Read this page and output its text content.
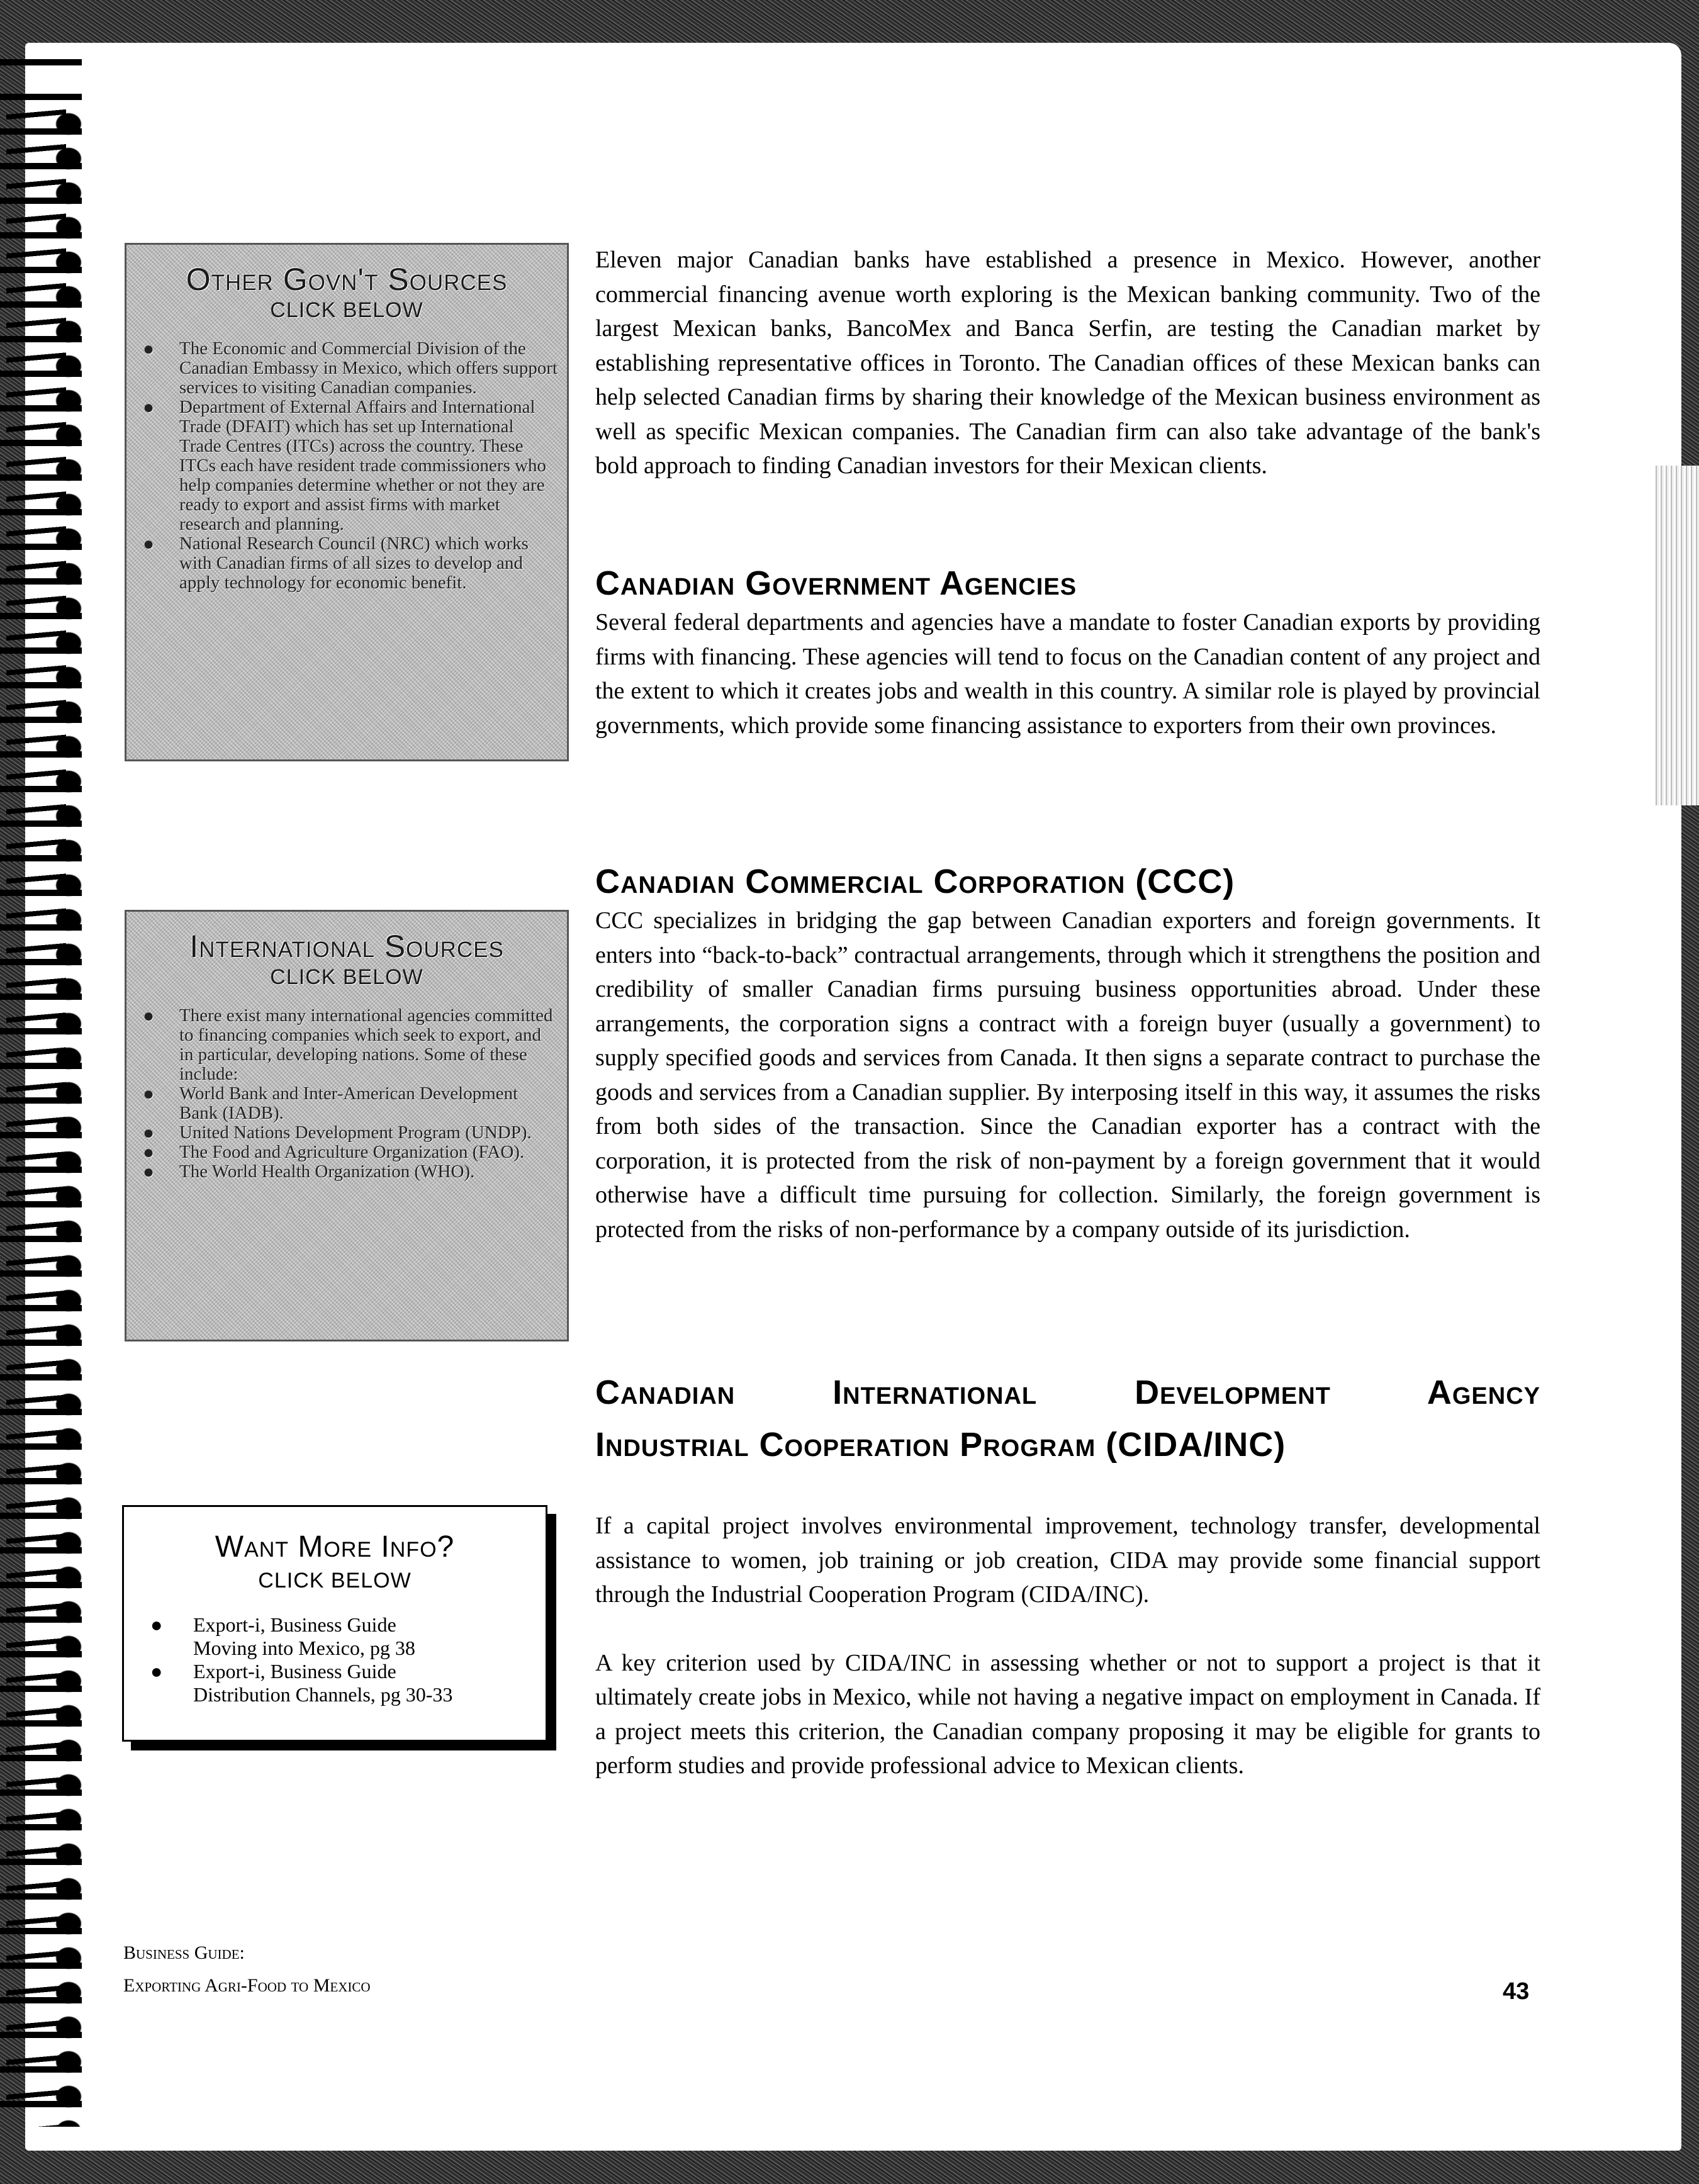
Other Govn't Sources
CLICK BELOW
● The Economic and Commercial Division of the Canadian Embassy in Mexico, which offers support services to visiting Canadian companies.
● Department of External Affairs and International Trade (DFAIT) which has set up International Trade Centres (ITCs) across the country. These ITCs each have resident trade commissioners who help companies determine whether or not they are ready to export and assist firms with market research and planning.
● National Research Council (NRC) which works with Canadian firms of all sizes to develop and apply technology for economic benefit.
International Sources
CLICK BELOW
● There exist many international agencies committed to financing companies which seek to export, and in particular, developing nations. Some of these include:
● World Bank and Inter-American Development Bank (IADB).
● United Nations Development Program (UNDP).
● The Food and Agriculture Organization (FAO).
● The World Health Organization (WHO).
Want More Info?
CLICK BELOW
● Export-i, Business Guide
Moving into Mexico, pg 38
● Export-i, Business Guide
Distribution Channels, pg 30-33

Eleven major Canadian banks have established a presence in Mexico. However, another commercial financing avenue worth exploring is the Mexican banking community. Two of the largest Mexican banks, BancoMex and Banca Serfin, are testing the Canadian market by establishing representative offices in Toronto. The Canadian offices of these Mexican banks can help selected Canadian firms by sharing their knowledge of the Mexican business environment as well as specific Mexican companies. The Canadian firm can also take advantage of the bank's bold approach to finding Canadian investors for their Mexican clients.

Canadian Government Agencies

Several federal departments and agencies have a mandate to foster Canadian exports by providing firms with financing. These agencies will tend to focus on the Canadian content of any project and the extent to which it creates jobs and wealth in this country. A similar role is played by provincial governments, which provide some financing assistance to exporters from their own provinces.

Canadian Commercial Corporation (CCC)

CCC specializes in bridging the gap between Canadian exporters and foreign governments. It enters into “back-to-back” contractual arrangements, through which it strengthens the position and credibility of smaller Canadian firms pursuing business opportunities abroad. Under these arrangements, the corporation signs a contract with a foreign buyer (usually a government) to supply specified goods and services from Canada. It then signs a separate contract to purchase the goods and services from a Canadian supplier. By interposing itself in this way, it assumes the risks from both sides of the transaction. Since the Canadian exporter has a contract with the corporation, it is protected from the risk of non-payment by a foreign government that it would otherwise have a difficult time pursuing for collection. Similarly, the foreign government is protected from the risks of non-performance by a company outside of its jurisdiction.

Canadian International Development Agency
Industrial Cooperation Program (CIDA/INC)

If a capital project involves environmental improvement, technology transfer, developmental assistance to women, job training or job creation, CIDA may provide some financial support through the Industrial Cooperation Program (CIDA/INC).

A key criterion used by CIDA/INC in assessing whether or not to support a project is that it ultimately create jobs in Mexico, while not having a negative impact on employment in Canada. If a project meets this criterion, the Canadian company proposing it may be eligible for grants to perform studies and provide professional advice to Mexican clients.

Business Guide:
Exporting Agri-Food to Mexico	43
